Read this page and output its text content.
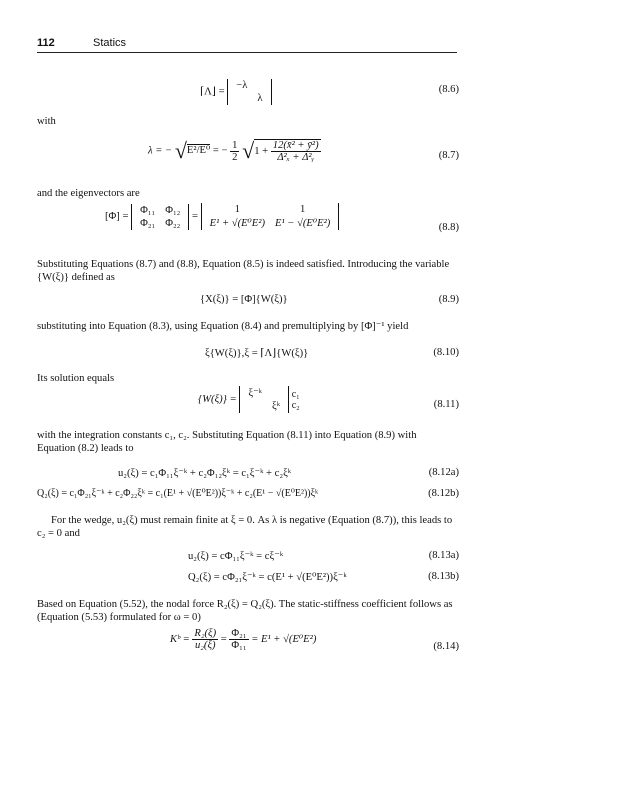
112	Statics
⌈Λ⌋ =
−λ	
	λ
(8.6)
with
λ = − √E²/E⁰ = − $\frac{1}{2} √1 + \frac{\text{12(x̄² + ȳ²)}}{\text{Δ²ₓ + Δ²ᵧ}}$	(8.7)
and the eigenvectors are
[Φ] =
Φ₁₁	Φ₁₂
Φ₂₁	Φ₂₂
=
1	1
E¹ + √(E⁰E²)	E¹ − √(E⁰E²)	(8.8)
Substituting Equations (8.7) and (8.8), Equation (8.5) is indeed satisfied. Introducing the variable {W(ξ)} defined as
{X(ξ)} = [Φ]{W(ξ)}	(8.9)
substituting into Equation (8.3), using Equation (8.4) and premultiplying by [Φ]⁻¹ yield
ξ{W(ξ)},ξ = ⌈Λ⌋{W(ξ)}	(8.10)
Its solution equals
{W(ξ)} =
ξ⁻ᵏ	
	ξᵏ

c₁
c₂	(8.11)
with the integration constants c₁, c₂. Substituting Equation (8.11) into Equation (8.9) with Equation (8.2) leads to
u₂(ξ) = c₁Φ₁₁ξ⁻ᵏ + c₂Φ₁₂ξᵏ = c₁ξ⁻ᵏ + c₂ξᵏ	(8.12a)
Q₂(ξ) = c₁Φ₂₁ξ⁻ᵏ + c₂Φ₂₂ξᵏ = c₁(E¹ + √(E⁰E²))ξ⁻ᵏ + c₂(E¹ − √(E⁰E²))ξᵏ	(8.12b)
For the wedge, u₂(ξ) must remain finite at ξ = 0. As λ is negative (Equation (8.7)), this leads to c₂ = 0 and
u₂(ξ) = cΦ₁₁ξ⁻ᵏ = cξ⁻ᵏ	(8.13a)
Q₂(ξ) = cΦ₂₁ξ⁻ᵏ = c(E¹ + √(E⁰E²))ξ⁻ᵏ	(8.13b)
Based on Equation (5.52), the nodal force R₂(ξ) = Q₂(ξ). The static-stiffness coefficient follows as (Equation (5.53) formulated for ω = 0)
Kᵇ = $\frac{\text{R₂(ξ)}}{\text{u₂(ξ)}} = \frac{\text{Φ₂₁}}{\text{Φ₁₁}} = E^1 + √(E^0E^2)$
(8.14)
